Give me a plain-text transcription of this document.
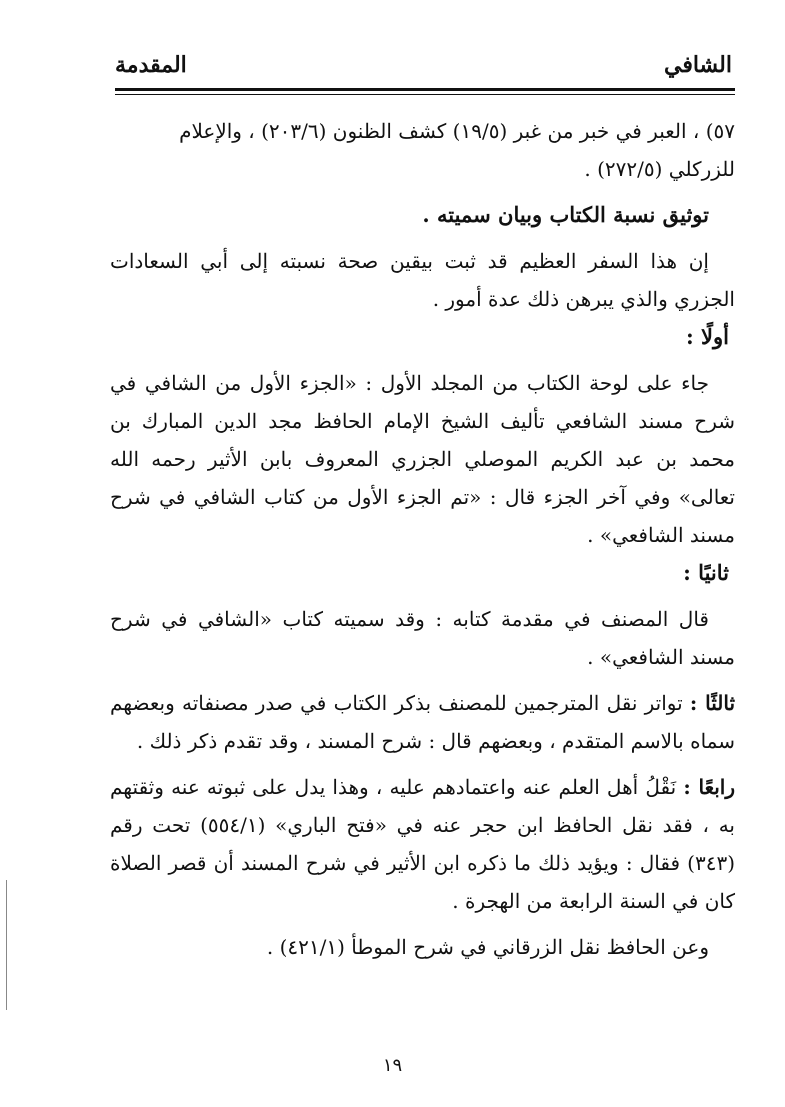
الشافي
المقدمة

٥٧) ، العبر في خبر من غبر (١٩/٥) كشف الظنون (٢٠٣/٦) ، والإعلام

للزركلي (٢٧٢/٥) .

توثيق نسبة الكتاب وبيان سميته .

إن هذا السفر العظيم قد ثبت بيقين صحة نسبته إلى أبي السعادات الجزري والذي يبرهن ذلك عدة أمور .

أولًا :

جاء على لوحة الكتاب من المجلد الأول : «الجزء الأول من الشافي في شرح مسند الشافعي تأليف الشيخ الإمام الحافظ مجد الدين المبارك بن محمد بن عبد الكريم الموصلي الجزري المعروف بابن الأثير رحمه الله تعالى» وفي آخر الجزء قال : «تم الجزء الأول من كتاب الشافي في شرح مسند الشافعي» .

ثانيًا :

قال المصنف في مقدمة كتابه : وقد سميته كتاب «الشافي في شرح مسند الشافعي» .

ثالثًا : تواتر نقل المترجمين للمصنف بذكر الكتاب في صدر مصنفاته وبعضهم سماه بالاسم المتقدم ، وبعضهم قال : شرح المسند ، وقد تقدم ذكر ذلك .

رابعًا : نَقْلُ أهل العلم عنه واعتمادهم عليه ، وهذا يدل على ثبوته عنه وثقتهم به ، فقد نقل الحافظ ابن حجر عنه في «فتح الباري» (٥٥٤/١) تحت رقم (٣٤٣) فقال : ويؤيد ذلك ما ذكره ابن الأثير في شرح المسند أن قصر الصلاة كان في السنة الرابعة من الهجرة .

وعن الحافظ نقل الزرقاني في شرح الموطأ (٤٢١/١) .

١٩
